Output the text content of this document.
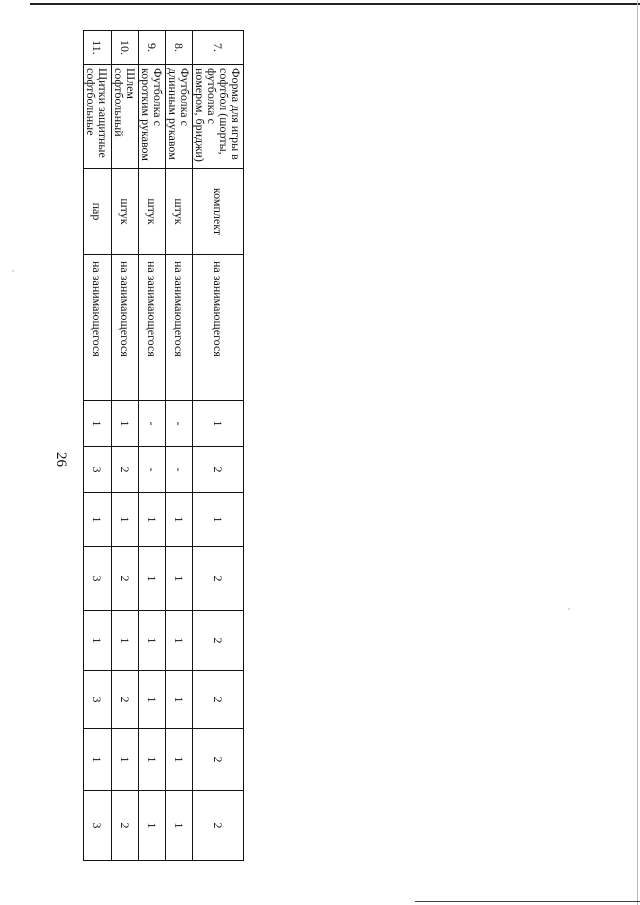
26
7.	Форма для игры в софтбол (шорты, футболка с номером, бриджи)	комплект	на занимающегося	1	2	1	2	2	2	2	2
8.	Футболка с длинным рукавом	штук	на занимающегося	-	-	1	1	1	1	1	1
9.	Футболка с коротким рукавом	штук	на занимающегося	-	-	1	1	1	1	1	1
10.	Шлем софтбольный	штук	на занимающегося	1	2	1	2	1	2	1	2
11.	Щитки защитные софтбольные	пар	на занимающегося	1	3	1	3	1	3	1	3
